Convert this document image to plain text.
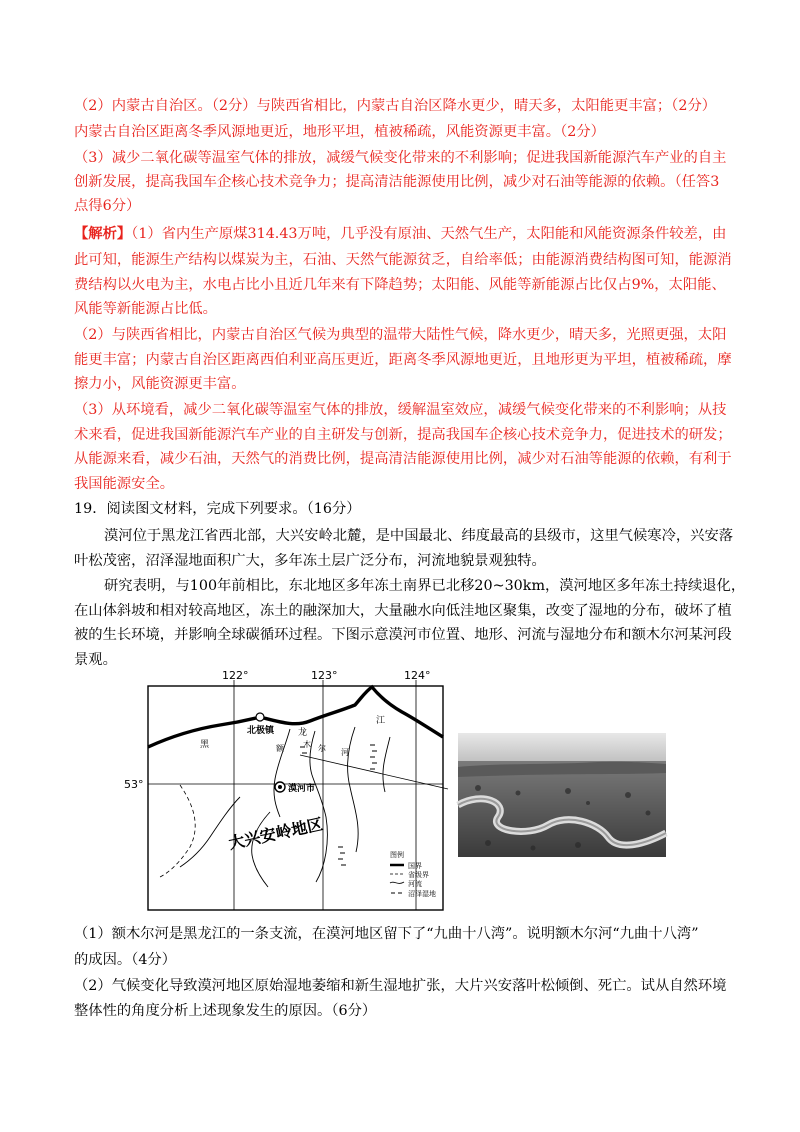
（2）内蒙古自治区。（2分）与陕西省相比，内蒙古自治区降水更少，晴天多，太阳能更丰富；（2分）
内蒙古自治区距离冬季风源地更近，地形平坦，植被稀疏，风能资源更丰富。（2分）
（3）减少二氧化碳等温室气体的排放，减缓气候变化带来的不利影响；促进我国新能源汽车产业的自主
创新发展，提高我国车企核心技术竞争力；提高清洁能源使用比例，减少对石油等能源的依赖。（任答3
点得6分）
【解析】（1）省内生产原煤314.43万吨，几乎没有原油、天然气生产，太阳能和风能资源条件较差，由
此可知，能源生产结构以煤炭为主，石油、天然气能源贫乏，自给率低；由能源消费结构图可知，能源消
费结构以火电为主，水电占比小且近几年来有下降趋势；太阳能、风能等新能源占比仅占9%，太阳能、
风能等新能源占比低。
（2）与陕西省相比，内蒙古自治区气候为典型的温带大陆性气候，降水更少，晴天多，光照更强，太阳
能更丰富；内蒙古自治区距离西伯利亚高压更近，距离冬季风源地更近，且地形更为平坦，植被稀疏，摩
擦力小，风能资源更丰富。
（3）从环境看，减少二氧化碳等温室气体的排放，缓解温室效应，减缓气候变化带来的不利影响；从技
术来看，促进我国新能源汽车产业的自主研发与创新，提高我国车企核心技术竞争力，促进技术的研发；
从能源来看，减少石油，天然气的消费比例，提高清洁能源使用比例，减少对石油等能源的依赖，有利于
我国能源安全。
19．阅读图文材料，完成下列要求。（16分）
漠河位于黑龙江省西北部，大兴安岭北麓，是中国最北、纬度最高的县级市，这里气候寒冷，兴安落
叶松茂密，沼泽湿地面积广大，多年冻土层广泛分布，河流地貌景观独特。
研究表明，与100年前相比，东北地区多年冻土南界已北移20~30km，漠河地区多年冻土持续退化，
在山体斜坡和相对较高地区，冻土的融深加大，大量融水向低洼地区聚集，改变了湿地的分布，破坏了植
被的生长环境，并影响全球碳循环过程。下图示意漠河市位置、地形、河流与湿地分布和额木尔河某河段
景观。
122°	123°	124°
53°
北极镇
漠河市
黑
龙
江
额 木 尔 河
大兴安岭地区
图例
国界
省级界
河流
沼泽湿地
（1）额木尔河是黑龙江的一条支流，在漠河地区留下了“九曲十八湾”。说明额木尔河“九曲十八湾”
的成因。（4分）
（2）气候变化导致漠河地区原始湿地萎缩和新生湿地扩张，大片兴安落叶松倾倒、死亡。试从自然环境
整体性的角度分析上述现象发生的原因。（6分）
